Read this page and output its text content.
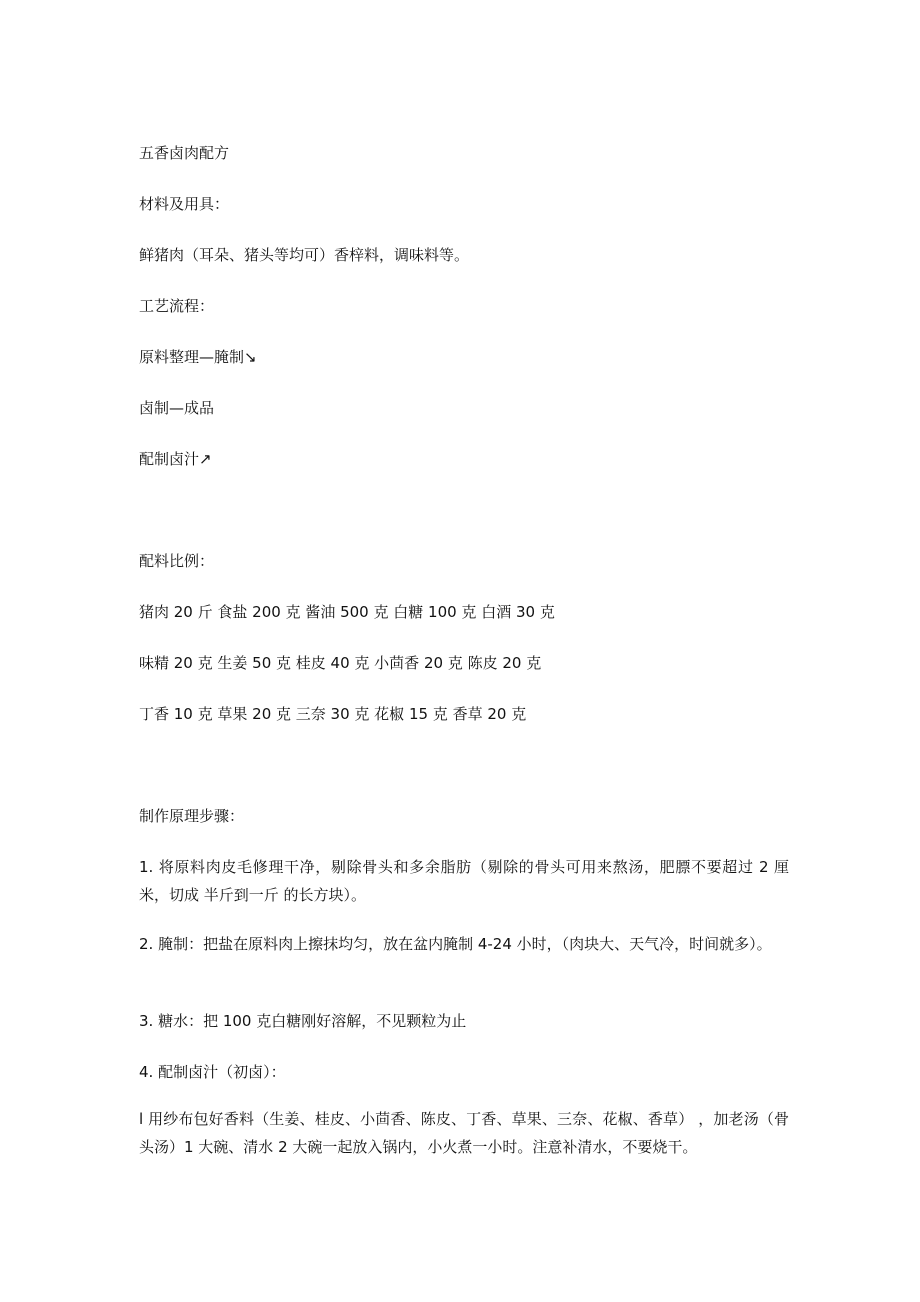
五香卤肉配方
材料及用具：
鲜猪肉（耳朵、猪头等均可）香梓料，调味料等。
工艺流程：
原料整理—腌制↘
卤制—成品
配制卤汁↗
配料比例：
猪肉 20 斤 食盐 200 克 酱油 500 克 白糖 100 克 白酒 30 克
味精 20 克 生姜 50 克 桂皮 40 克 小茴香 20 克 陈皮 20 克
丁香 10 克 草果 20 克 三奈 30 克 花椒 15 克 香草 20 克
制作原理步骤：
1. 将原料肉皮毛修理干净，剔除骨头和多余脂肪（剔除的骨头可用来熬汤，肥膘不要超过 2 厘米，切成 半斤到一斤 的长方块）。
2. 腌制：把盐在原料肉上擦抹均匀，放在盆内腌制 4-24 小时，（肉块大、天气冷，时间就多）。
3. 糖水：把 100 克白糖刚好溶解，不见颗粒为止
4. 配制卤汁（初卤）：
l 用纱布包好香料（生姜、桂皮、小茴香、陈皮、丁香、草果、三奈、花椒、香草） ，加老汤（骨头汤）1 大碗、清水 2 大碗一起放入锅内，小火煮一小时。注意补清水，不要烧干。
